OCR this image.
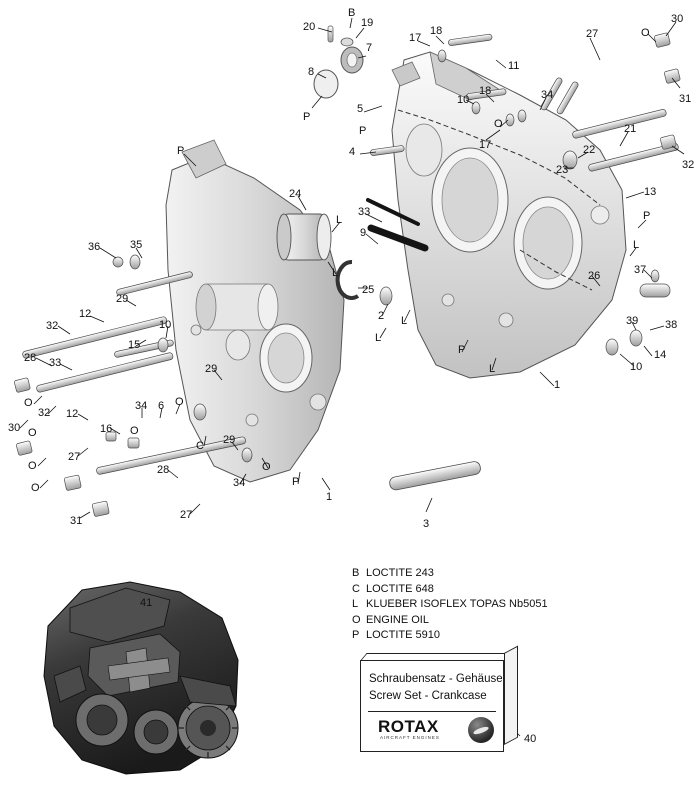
B LOCTITE 243
C LOCTITE 648
L KLUEBER ISOFLEX TOPAS Nb5051
O ENGINE OIL
P LOCTITE 5910
Schraubensatz - Gehäuse
Screw Set - Crankcase
ROTAX
AIRCRAFT ENGINES
20
B
19
7
8
P
5
P
4
17
18
11
10
18
17
O
34
27	O
30
31
21
32
22
23
13
P
L
37
26
38
39
14
10
1
L
P
L
L
2
9
33
25
24
L
L
P
36	35
29
12
32
28 33
15
10
29
O
30 O
32 12
27
O
O
31
16
34 6 O
O
C 29
28
34
O
P
27
1
3
41
40
